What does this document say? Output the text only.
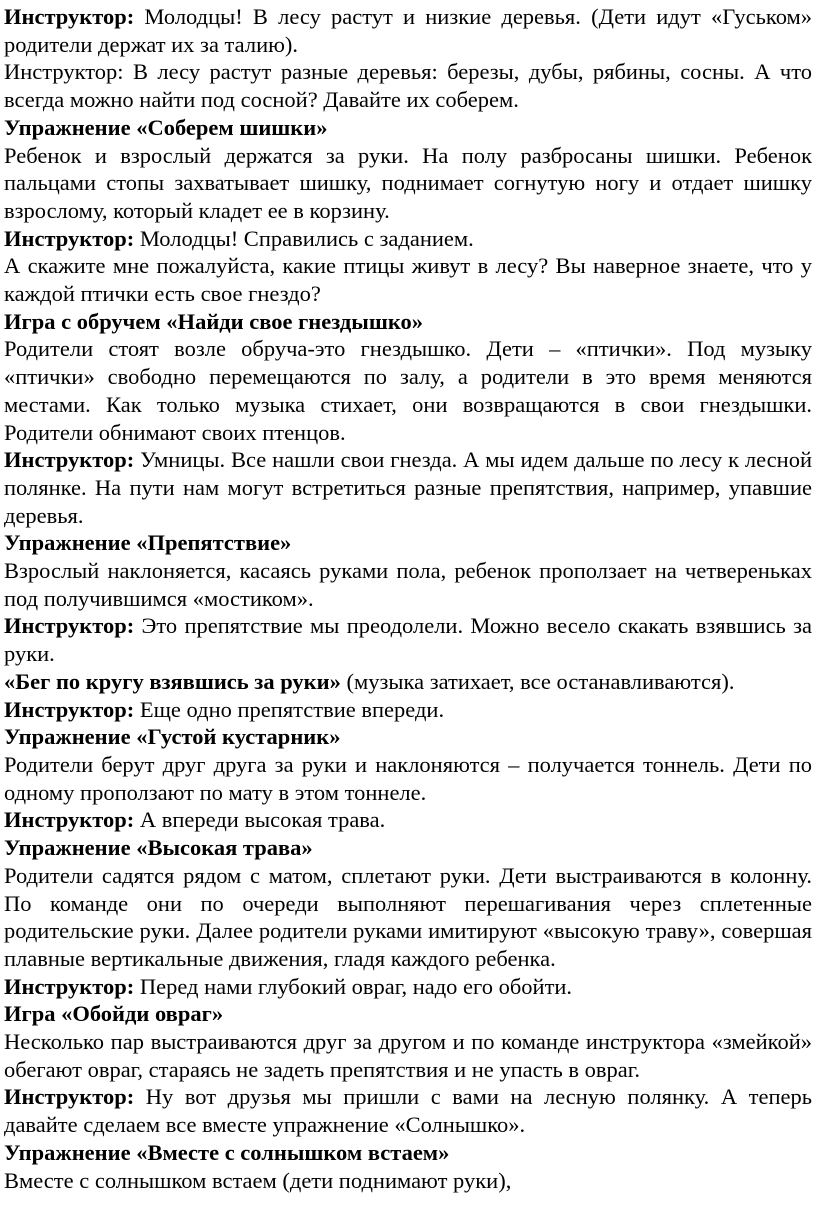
Инструктор: Молодцы! В лесу растут и низкие деревья. (Дети идут «Гуськом» родители держат их за талию).

Инструктор: В лесу растут разные деревья: березы, дубы, рябины, сосны. А что всегда можно найти под сосной? Давайте их соберем.

Упражнение «Соберем шишки»

Ребенок и взрослый держатся за руки. На полу разбросаны шишки. Ребенок пальцами стопы захватывает шишку, поднимает согнутую ногу и отдает шишку взрослому, который кладет ее в корзину.

Инструктор: Молодцы! Справились с заданием.

А скажите мне пожалуйста, какие птицы живут в лесу? Вы наверное знаете, что у каждой птички есть свое гнездо?

Игра с обручем «Найди свое гнездышко»

Родители стоят возле обруча-это гнездышко. Дети – «птички». Под музыку «птички» свободно перемещаются по залу, а родители в это время меняются местами. Как только музыка стихает, они возвращаются в свои гнездышки. Родители обнимают своих птенцов.

Инструктор: Умницы. Все нашли свои гнезда. А мы идем дальше по лесу к лесной полянке. На пути нам могут встретиться разные препятствия, например, упавшие деревья.

Упражнение «Препятствие»

Взрослый наклоняется, касаясь руками пола, ребенок проползает на четвереньках под получившимся «мостиком».

Инструктор: Это препятствие мы преодолели. Можно весело скакать взявшись за руки.

«Бег по кругу взявшись за руки» (музыка затихает, все останавливаются).

Инструктор: Еще одно препятствие впереди.

Упражнение «Густой кустарник»

Родители берут друг друга за руки и наклоняются – получается тоннель. Дети по одному проползают по мату в этом тоннеле.

Инструктор: А впереди высокая трава.

Упражнение «Высокая трава»

Родители садятся рядом с матом, сплетают руки. Дети выстраиваются в колонну. По команде они по очереди выполняют перешагивания через сплетенные родительские руки. Далее родители руками имитируют «высокую траву», совершая плавные вертикальные движения, гладя каждого ребенка.

Инструктор: Перед нами глубокий овраг, надо его обойти.

Игра «Обойди овраг»

Несколько пар выстраиваются друг за другом и по команде инструктора «змейкой» обегают овраг, стараясь не задеть препятствия и не упасть в овраг.

Инструктор: Ну вот друзья мы пришли с вами на лесную полянку. А теперь давайте сделаем все вместе упражнение «Солнышко».

Упражнение «Вместе с солнышком встаем»

Вместе с солнышком встаем (дети поднимают руки),
